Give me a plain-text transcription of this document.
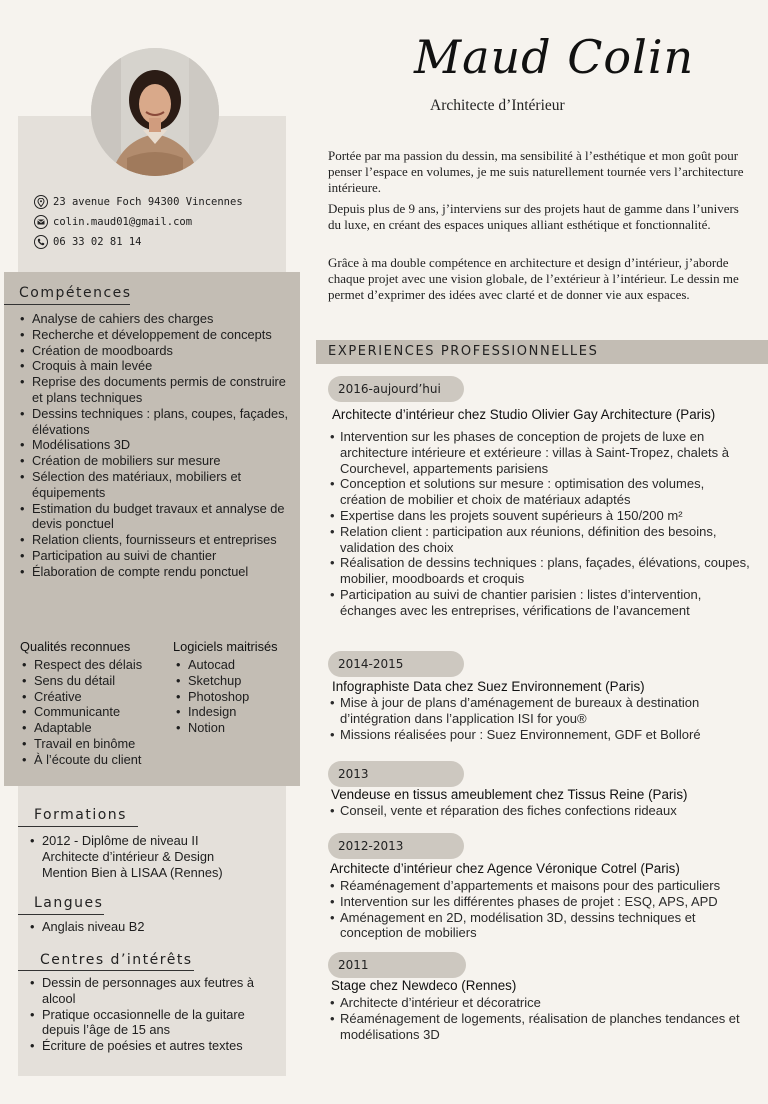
23 avenue Foch 94300 Vincennes
colin.maud01@gmail.com
06 33 02 81 14
Compétences
• Analyse de cahiers des charges
• Recherche et développement de concepts
• Création de moodboards
• Croquis à main levée
• Reprise des documents permis de construire et plans techniques
• Dessins techniques : plans, coupes, façades, élévations
• Modélisations 3D
• Création de mobiliers sur mesure
• Sélection des matériaux, mobiliers et équipements
• Estimation du budget travaux et annalyse de devis ponctuel
• Relation clients, fournisseurs et entreprises
• Participation au suivi de chantier
• Élaboration de compte rendu ponctuel
Qualités reconnues
• Respect des délais
• Sens du détail
• Créative
• Communicante
• Adaptable
• Travail en binôme
• À l’écoute du client
Logiciels maitrisés
• Autocad
• Sketchup
• Photoshop
• Indesign
• Notion
Formations
• 2012 - Diplôme de niveau II Architecte d’intérieur & Design Mention Bien à LISAA (Rennes)
Langues
• Anglais niveau B2
Centres d’intérêts
• Dessin de personnages aux feutres à alcool
• Pratique occasionnelle de la guitare depuis l’âge de 15 ans
• Écriture de poésies et autres textes
Maud Colin
Architecte d’Intérieur

Portée par ma passion du dessin, ma sensibilité à l’esthétique et mon goût pour penser l’espace en volumes, je me suis naturellement tournée vers l’architecture intérieure.

Depuis plus de 9 ans, j’interviens sur des projets haut de gamme dans l’univers du luxe, en créant des espaces uniques alliant esthétique et fonctionnalité.

Grâce à ma double compétence en architecture et design d’intérieur, j’aborde chaque projet avec une vision globale, de l’extérieur à l’intérieur. Le dessin me permet d’exprimer des idées avec clarté et de donner vie aux espaces.

EXPERIENCES PROFESSIONNELLES
2016-aujourd’hui
Architecte d’intérieur chez Studio Olivier Gay Architecture (Paris)
• Intervention sur les phases de conception de projets de luxe en architecture intérieure et extérieure : villas à Saint-Tropez, chalets à Courchevel, appartements parisiens
• Conception et solutions sur mesure : optimisation des volumes, création de mobilier et choix de matériaux adaptés
• Expertise dans les projets souvent supérieurs à 150/200 m²
• Relation client : participation aux réunions, définition des besoins, validation des choix
• Réalisation de dessins techniques : plans, façades, élévations, coupes, mobilier, moodboards et croquis
• Participation au suivi de chantier parisien : listes d’intervention, échanges avec les entreprises, vérifications de l’avancement
2014-2015
Infographiste Data chez Suez Environnement (Paris)
• Mise à jour de plans d’aménagement de bureaux à destination d’intégration dans l’application ISI for you®
• Missions réalisées pour : Suez Environnement, GDF et Bolloré
2013
Vendeuse en tissus ameublement chez Tissus Reine (Paris)
• Conseil, vente et réparation des fiches confections rideaux
2012-2013
Architecte d’intérieur chez Agence Véronique Cotrel (Paris)
• Réaménagement d’appartements et maisons pour des particuliers
• Intervention sur les différentes phases de projet : ESQ, APS, APD
• Aménagement en 2D, modélisation 3D, dessins techniques et conception de mobiliers
2011
Stage chez Newdeco (Rennes)
• Architecte d’intérieur et décoratrice
• Réaménagement de logements, réalisation de planches tendances et modélisations 3D
